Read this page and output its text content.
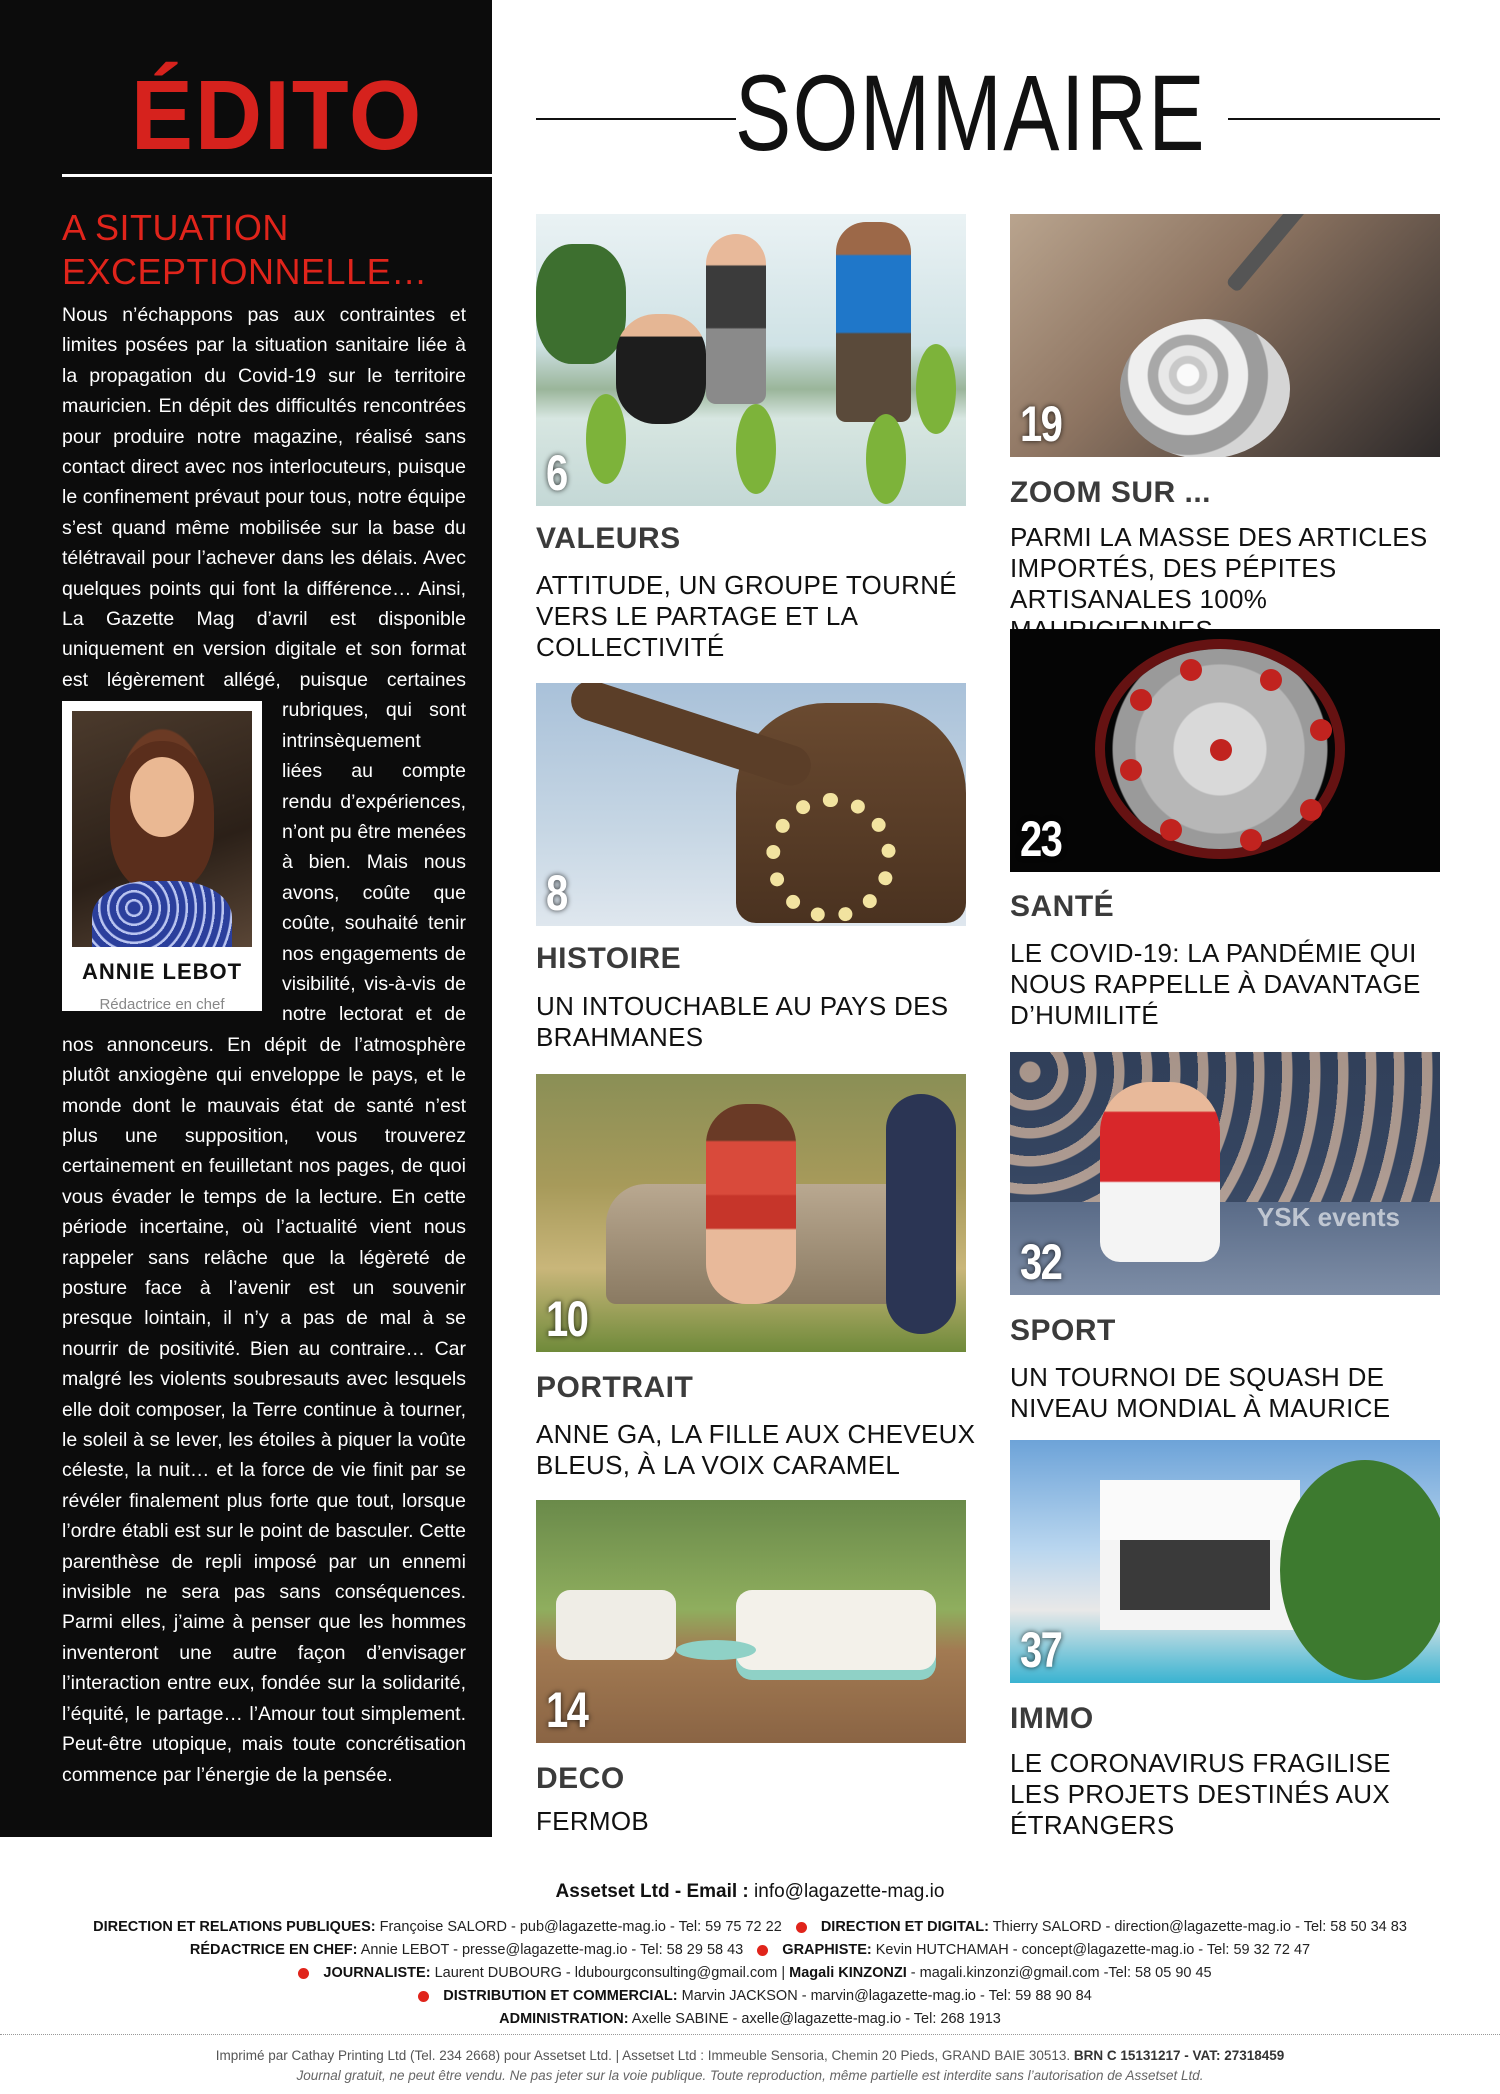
ÉDITO
A SITUATION EXCEPTIONNELLE…
Nous n’échappons pas aux contraintes et limites posées par la situation sanitaire liée à la propagation du Covid-19 sur le territoire mauricien. En dépit des difficultés rencontrées pour produire notre magazine, réalisé sans contact direct avec nos interlocuteurs, puisque le confinement prévaut pour tous, notre équipe s’est quand même mobilisée sur la base du télétravail pour l’achever dans les délais. Avec quelques points qui font la différence… Ainsi, La Gazette Mag d’avril est disponible uniquement en version digitale et son format est légèrement allégé, puisque
ANNIE LEBOT
Rédactrice en chef
certaines rubriques, qui sont intrinsèquement liées au compte rendu d’expériences, n’ont pu être menées à bien. Mais nous avons, coûte que coûte, souhaité tenir nos engagements de visibilité, vis-à-vis de notre lectorat et de nos annonceurs. En dépit de l’atmosphère plutôt anxiogène qui enveloppe le pays, et le monde dont le mauvais état de santé n’est plus une supposition, vous trouverez certainement en feuilletant nos pages, de quoi vous évader le temps de la lecture. En cette période incertaine, où l’actualité vient nous rappeler sans relâche que la légèreté de posture face à l’avenir est un souvenir presque lointain, il n’y a pas de mal à se nourrir de positivité. Bien au contraire… Car malgré les violents soubresauts avec lesquels elle doit composer, la Terre continue à tourner, le soleil à se lever, les étoiles à piquer la voûte céleste, la nuit… et la force de vie finit par se révéler finalement plus forte que tout, lorsque l’ordre établi est sur le point de basculer. Cette parenthèse de repli imposé par un ennemi invisible ne sera pas sans conséquences. Parmi elles, j’aime à penser que les hommes inventeront une autre façon d’envisager l’interaction entre eux, fondée sur la solidarité, l’équité, le partage… l’Amour tout simplement. Peut-être utopique, mais toute concrétisation commence par l’énergie de la pensée.
SOMMAIRE
6
VALEURS
ATTITUDE, UN GROUPE TOURNÉ VERS LE PARTAGE ET LA COLLECTIVITÉ
8
HISTOIRE
UN INTOUCHABLE AU PAYS DES BRAHMANES
10
PORTRAIT
ANNE GA, LA FILLE AUX CHEVEUX BLEUS, À LA VOIX CARAMEL
14
DECO
FERMOB
19
ZOOM SUR ...
PARMI LA MASSE DES ARTICLES IMPORTÉS, DES PÉPITES ARTISANALES 100%
23
SANTÉ
LE COVID-19: LA PANDÉMIE QUI NOUS RAPPELLE À DAVANTAGE D’HUMILITÉ
YSK events
32
SPORT
UN TOURNOI DE SQUASH DE NIVEAU MONDIAL À MAURICE
37
IMMO
LE CORONAVIRUS FRAGILISE LES PROJETS DESTINÉS AUX ÉTRANGERS
Assetset Ltd - Email : info@lagazette-mag.io
DIRECTION ET RELATIONS PUBLIQUES: Françoise SALORD - pub@lagazette-mag.io - Tel: 59 75 72 22	DIRECTION ET DIGITAL: Thierry SALORD - direction@lagazette-mag.io - Tel: 58 50 34 83
RÉDACTRICE EN CHEF: Annie LEBOT - presse@lagazette-mag.io - Tel: 58 29 58 43	GRAPHISTE: Kevin HUTCHAMAH - concept@lagazette-mag.io - Tel: 59 32 72 47
JOURNALISTE: Laurent DUBOURG - ldubourgconsulting@gmail.com | Magali KINZONZI - magali.kinzonzi@gmail.com -Tel: 58 05 90 45
DISTRIBUTION ET COMMERCIAL: Marvin JACKSON - marvin@lagazette-mag.io - Tel: 59 88 90 84
ADMINISTRATION: Axelle SABINE - axelle@lagazette-mag.io - Tel: 268 1913
Imprimé par Cathay Printing Ltd (Tel. 234 2668) pour Assetset Ltd. | Assetset Ltd : Immeuble Sensoria, Chemin 20 Pieds, GRAND BAIE 30513. BRN C 15131217 - VAT: 27318459
Journal gratuit, ne peut être vendu. Ne pas jeter sur la voie publique. Toute reproduction, même partielle est interdite sans l’autorisation de Assetset Ltd.
